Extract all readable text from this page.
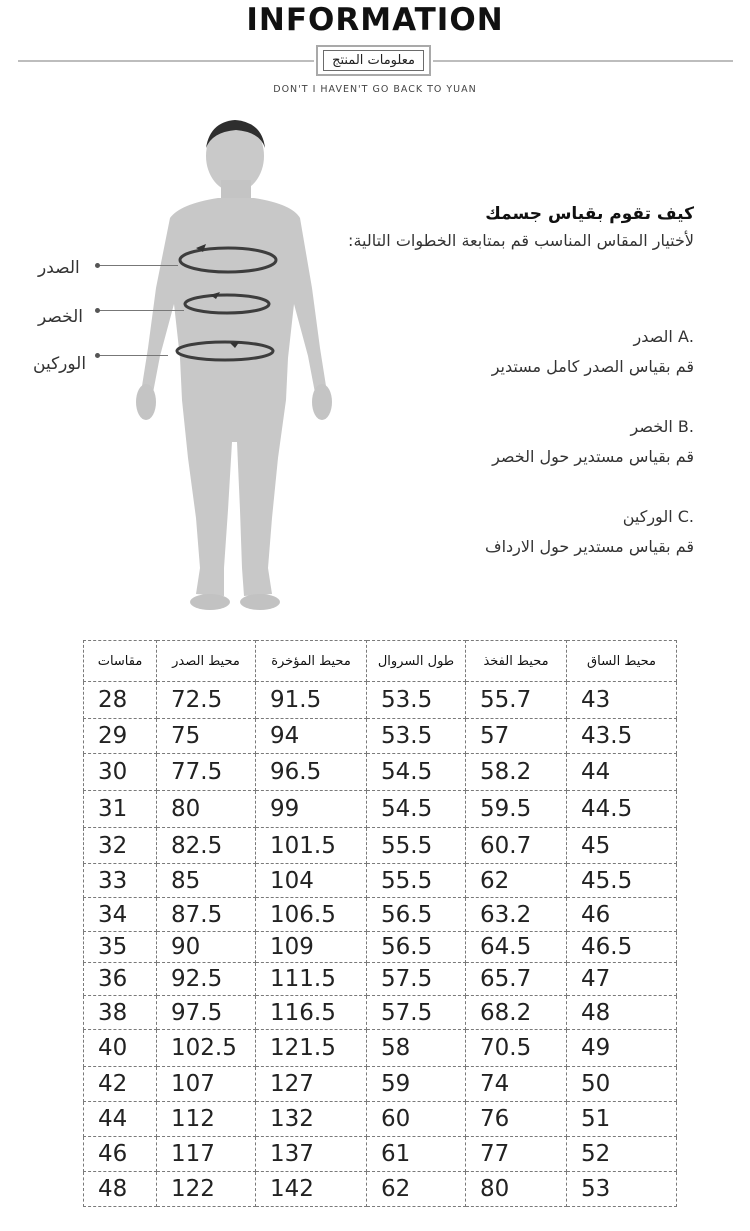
INFORMATION
معلومات المنتج
DON'T I HAVEN'T GO BACK TO YUAN
الصدر
الخصر
الوركين
كيف تقوم بقياس جسمك
لأختيار المقاس المناسب قم بمتابعة الخطوات التالية:
.A الصدر
قم بقياس الصدر كامل مستدير
.B الخصر
قم بقياس مستدير حول الخصر
.C الوركين
قم بقياس مستدير حول الارداف
مقاسات	محيط الصدر	محيط المؤخرة	طول السروال	محيط الفخذ	محيط الساق
28	72.5	91.5	53.5	55.7	43
29	75	94	53.5	57	43.5
30	77.5	96.5	54.5	58.2	44
31	80	99	54.5	59.5	44.5
32	82.5	101.5	55.5	60.7	45
33	85	104	55.5	62	45.5
34	87.5	106.5	56.5	63.2	46
35	90	109	56.5	64.5	46.5
36	92.5	111.5	57.5	65.7	47
38	97.5	116.5	57.5	68.2	48
40	102.5	121.5	58	70.5	49
42	107	127	59	74	50
44	112	132	60	76	51
46	117	137	61	77	52
48	122	142	62	80	53
